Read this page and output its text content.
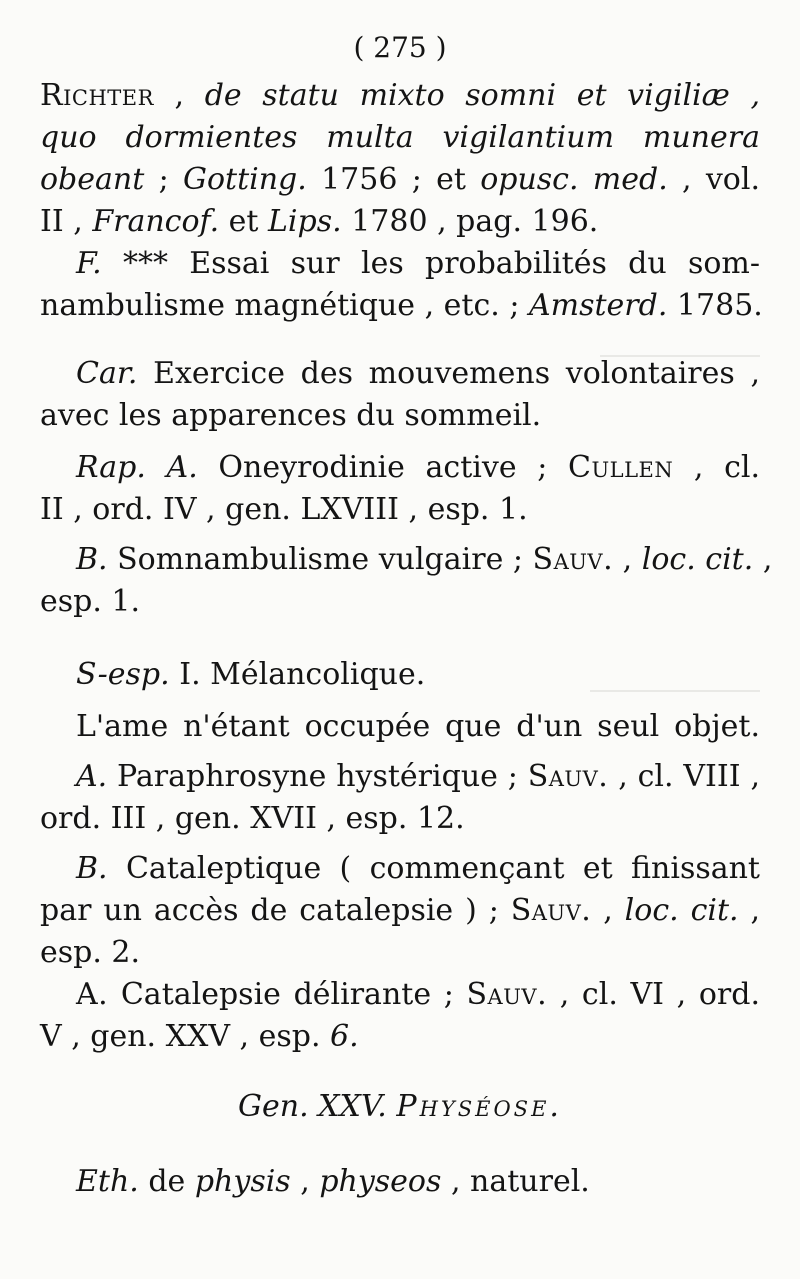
( 275 )
Richter , de statu mixto somni et vigiliæ ,
quo dormientes multa vigilantium munera
obeant ; Gotting. 1756 ; et opusc. med. , vol.
II , Francof. et Lips. 1780 , pag. 196.
F. *** Essai sur les probabilités du som-
nambulisme magnétique , etc. ; Amsterd. 1785.
Car. Exercice des mouvemens volontaires ,
avec les apparences du sommeil.
Rap. A. Oneyrodinie active ; Cullen , cl.
II , ord. IV , gen. LXVIII , esp. 1.
B. Somnambulisme vulgaire ; Sauv. , loc. cit. ,
esp. 1.
S-esp. I. Mélancolique.
L'ame n'étant occupée que d'un seul objet.
A. Paraphrosyne hystérique ; Sauv. , cl. VIII ,
ord. III , gen. XVII , esp. 12.
B. Cataleptique ( commençant et finissant
par un accès de catalepsie ) ; Sauv. , loc. cit. ,
esp. 2.
A. Catalepsie délirante ; Sauv. , cl. VI , ord.
V , gen. XXV , esp. 6.
Gen. XXV. Physéose.
Eth. de physis , physeos , naturel.
